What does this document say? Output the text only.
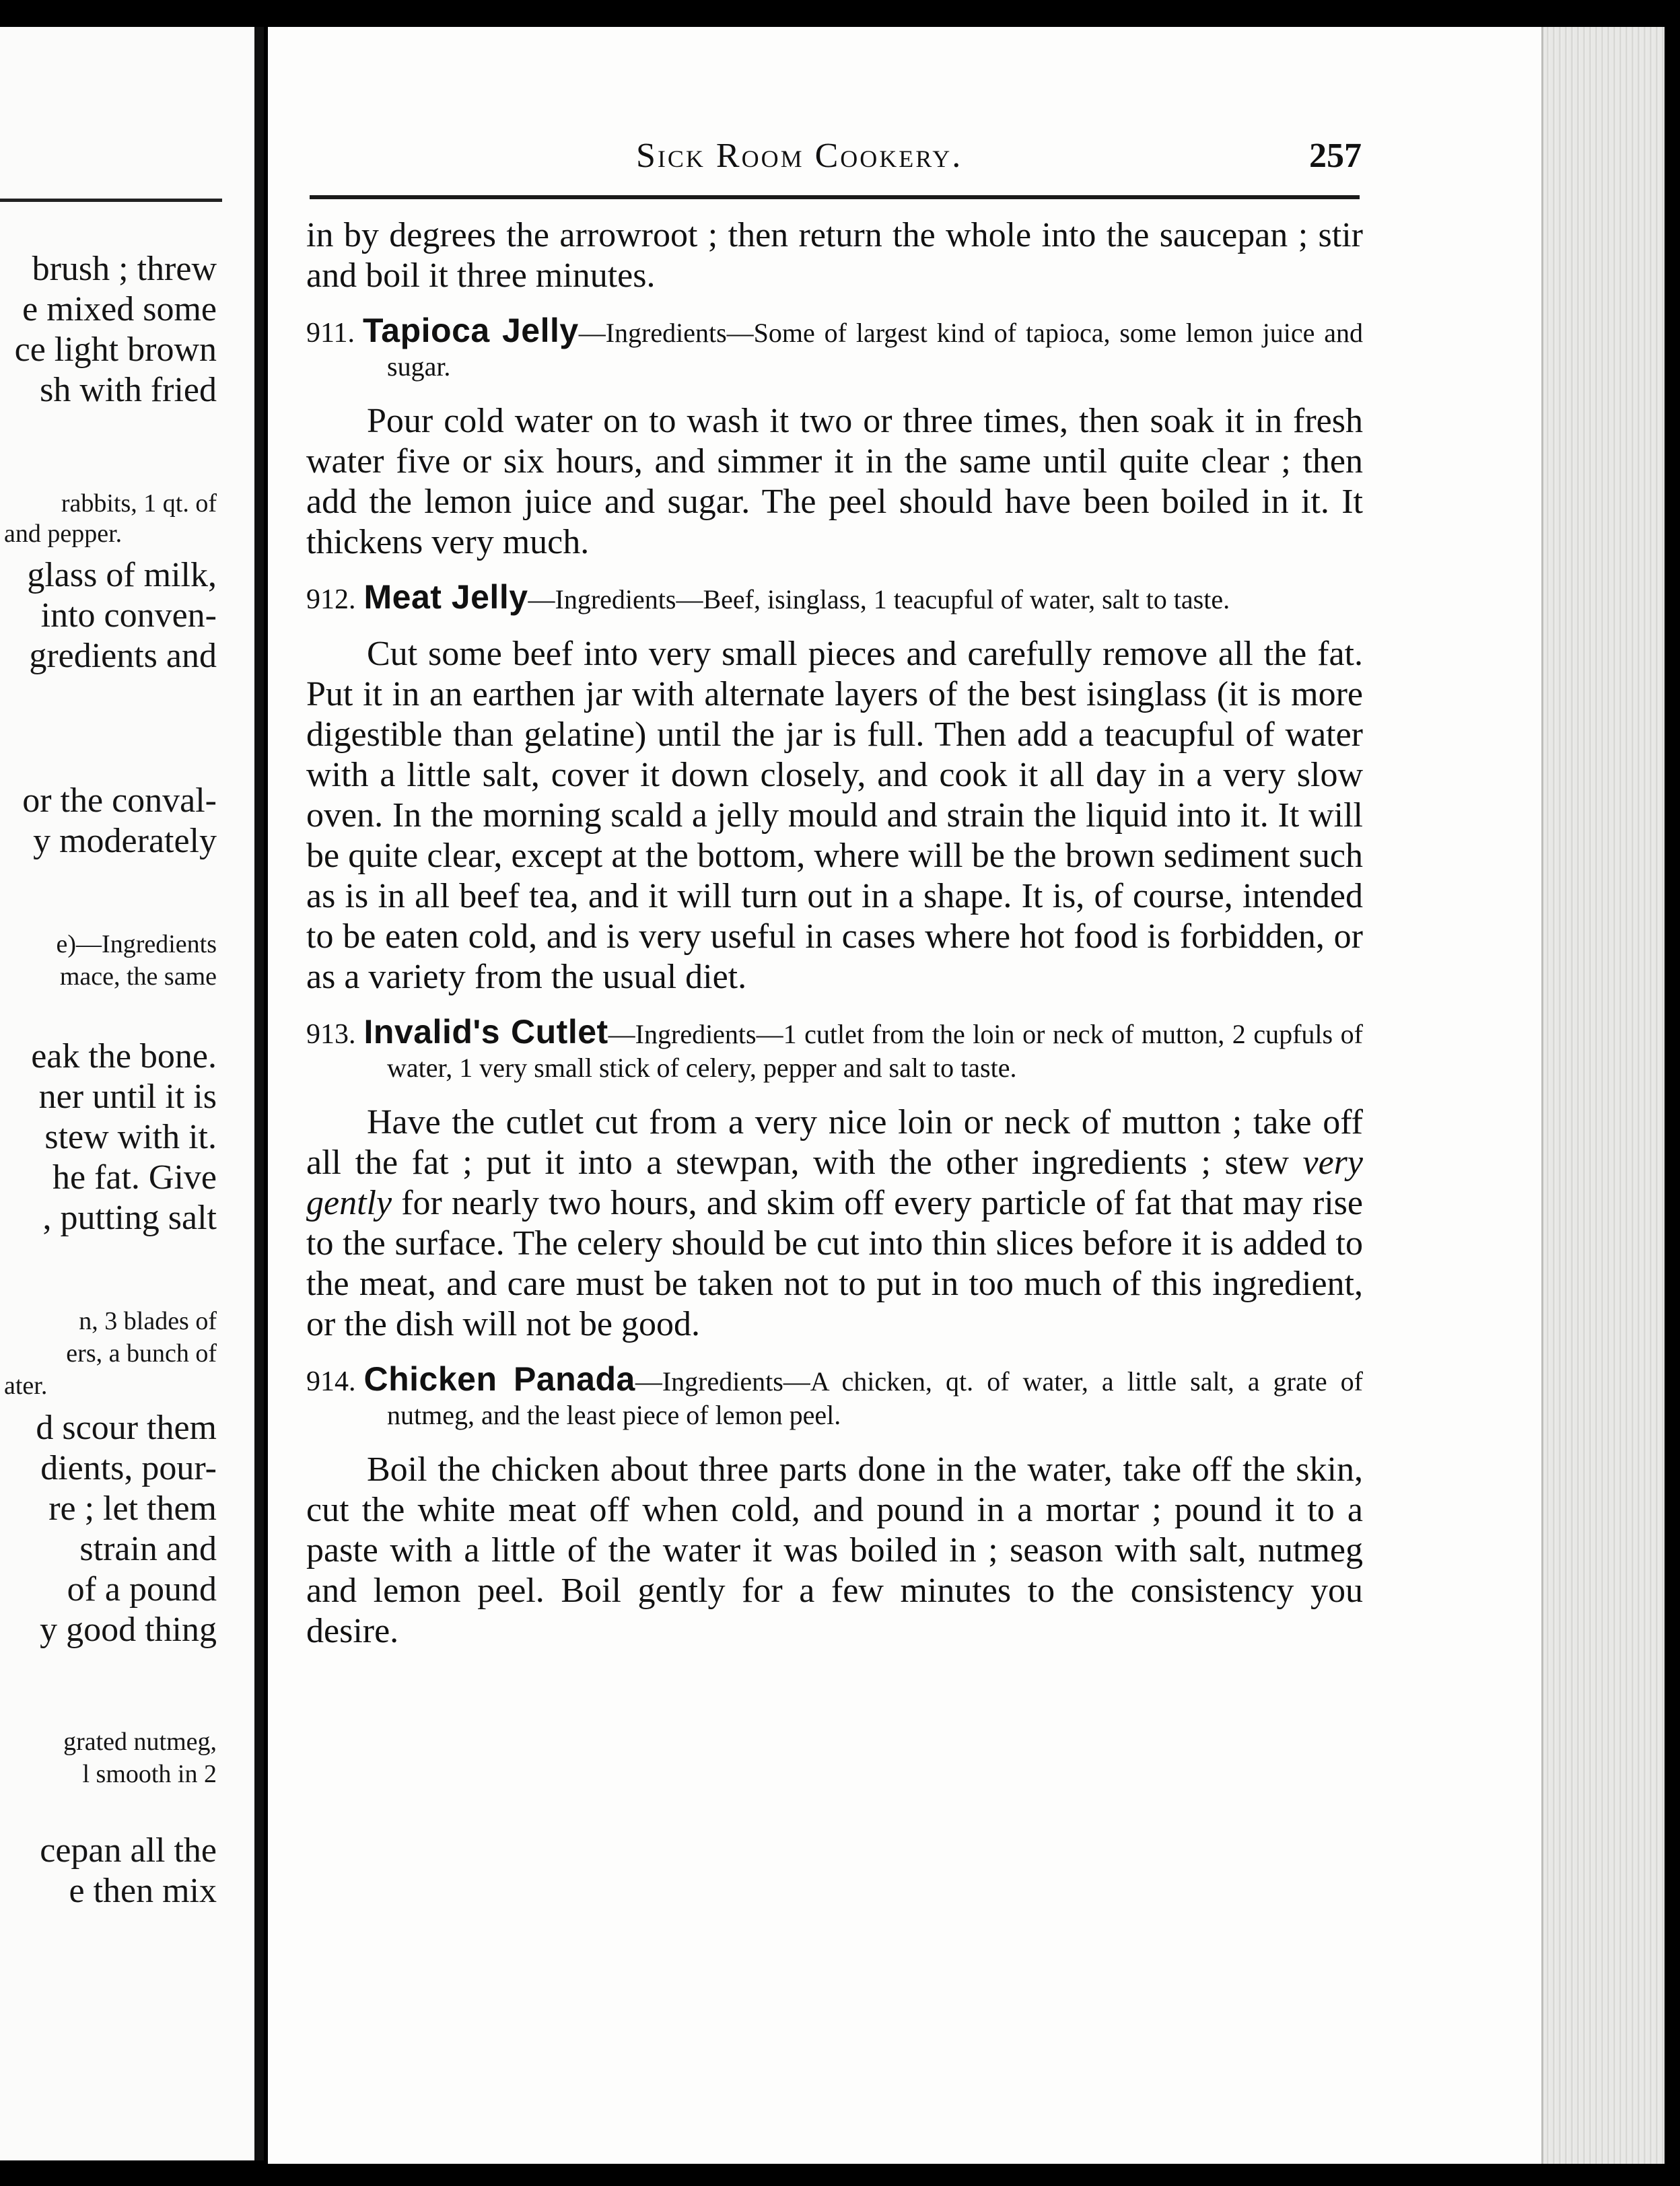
brush ; threw
e mixed some
ce light brown
sh with fried
rabbits, 1 qt. of
and pepper.
glass of milk,
into conven-
gredients and
or the conval-
y moderately
e)—Ingredients
mace, the same
eak the bone.
ner until it is
stew with it.
he fat. Give
, putting salt
n, 3 blades of
ers, a bunch of
ater.
d scour them
dients, pour-
re ; let them
strain and
of a pound
y good thing
grated nutmeg,
l smooth in 2
cepan all the
e then mix
Sick Room Cookery.	257

in by degrees the arrowroot ; then return the whole into the saucepan ; stir and boil it three minutes.

911. Tapioca Jelly—Ingredients—Some of largest kind of tapioca, some lemon juice and sugar.

Pour cold water on to wash it two or three times, then soak it in fresh water five or six hours, and simmer it in the same until quite clear ; then add the lemon juice and sugar. The peel should have been boiled in it. It thickens very much.

912. Meat Jelly—Ingredients—Beef, isinglass, 1 teacupful of water, salt to taste.

Cut some beef into very small pieces and carefully remove all the fat. Put it in an earthen jar with alternate layers of the best isinglass (it is more digestible than gelatine) until the jar is full. Then add a teacupful of water with a little salt, cover it down closely, and cook it all day in a very slow oven. In the morning scald a jelly mould and strain the liquid into it. It will be quite clear, except at the bottom, where will be the brown sediment such as is in all beef tea, and it will turn out in a shape. It is, of course, intended to be eaten cold, and is very useful in cases where hot food is forbidden, or as a variety from the usual diet.

913. Invalid's Cutlet—Ingredients—1 cutlet from the loin or neck of mutton, 2 cupfuls of water, 1 very small stick of celery, pepper and salt to taste.

Have the cutlet cut from a very nice loin or neck of mutton ; take off all the fat ; put it into a stewpan, with the other ingredients ; stew very gently for nearly two hours, and skim off every particle of fat that may rise to the surface. The celery should be cut into thin slices before it is added to the meat, and care must be taken not to put in too much of this ingredient, or the dish will not be good.

914. Chicken Panada—Ingredients—A chicken, qt. of water, a little salt, a grate of nutmeg, and the least piece of lemon peel.

Boil the chicken about three parts done in the water, take off the skin, cut the white meat off when cold, and pound in a mortar ; pound it to a paste with a little of the water it was boiled in ; season with salt, nutmeg and lemon peel. Boil gently for a few minutes to the consistency you desire.
